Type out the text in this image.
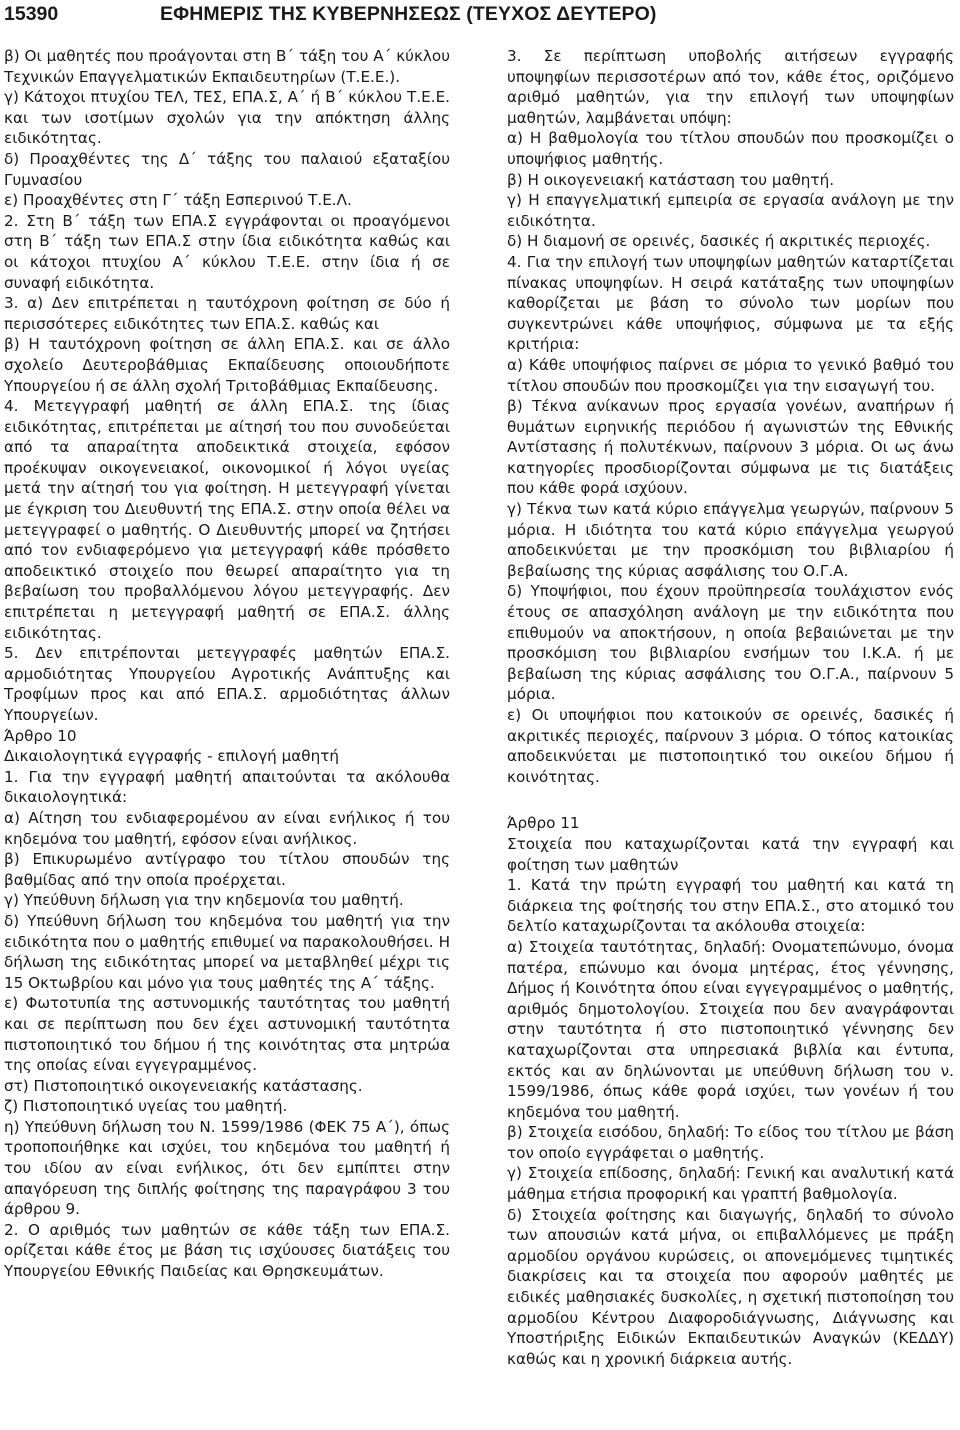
15390	ΕΦΗΜΕΡΙΣ ΤΗΣ ΚΥΒΕΡΝΗΣΕΩΣ (ΤΕΥΧΟΣ ΔΕΥΤΕΡΟ)

β) Οι μαθητές που προάγονται στη Β΄ τάξη του Α΄ κύκλου Τεχνικών Επαγγελματικών Εκπαιδευτηρίων (Τ.Ε.Ε.).

γ) Κάτοχοι πτυχίου ΤΕΛ, ΤΕΣ, ΕΠΑ.Σ, Α΄ ή Β΄ κύκλου Τ.Ε.Ε. και των ισοτίμων σχολών για την απόκτηση άλλης ειδικότητας.

δ) Προαχθέντες της Δ΄ τάξης του παλαιού εξαταξίου Γυμνασίου

ε) Προαχθέντες στη Γ΄ τάξη Εσπερινού Τ.Ε.Λ.

2. Στη Β΄ τάξη των ΕΠΑ.Σ εγγράφονται οι προαγόμενοι στη Β΄ τάξη των ΕΠΑ.Σ στην ίδια ειδικότητα καθώς και οι κάτοχοι πτυχίου Α΄ κύκλου Τ.Ε.Ε. στην ίδια ή σε συναφή ειδικότητα.

3. α) Δεν επιτρέπεται η ταυτόχρονη φοίτηση σε δύο ή περισσότερες ειδικότητες των ΕΠΑ.Σ. καθώς και

β) Η ταυτόχρονη φοίτηση σε άλλη ΕΠΑ.Σ. και σε άλλο σχολείο Δευτεροβάθμιας Εκπαίδευσης οποιουδήποτε Υπουργείου ή σε άλλη σχολή Τριτοβάθμιας Εκπαίδευσης.

4. Μετεγγραφή μαθητή σε άλλη ΕΠΑ.Σ. της ίδιας ειδικότητας, επιτρέπεται με αίτησή του που συνοδεύεται από τα απαραίτητα αποδεικτικά στοιχεία, εφόσον προέκυψαν οικογενειακοί, οικονομικοί ή λόγοι υγείας μετά την αίτησή του για φοίτηση. Η μετεγγραφή γίνεται με έγκριση του Διευθυντή της ΕΠΑ.Σ. στην οποία θέλει να μετεγγραφεί ο μαθητής. Ο Διευθυντής μπορεί να ζητήσει από τον ενδιαφερόμενο για μετεγγραφή κάθε πρόσθετο αποδεικτικό στοιχείο που θεωρεί απαραίτητο για τη βεβαίωση του προβαλλόμενου λόγου μετεγγραφής. Δεν επιτρέπεται η μετεγγραφή μαθητή σε ΕΠΑ.Σ. άλλης ειδικότητας.

5. Δεν επιτρέπονται μετεγγραφές μαθητών ΕΠΑ.Σ. αρμοδιότητας Υπουργείου Αγροτικής Ανάπτυξης και Τροφίμων προς και από ΕΠΑ.Σ. αρμοδιότητας άλλων Υπουργείων.

Άρθρο 10

Δικαιολογητικά εγγραφής - επιλογή μαθητή

1. Για την εγγραφή μαθητή απαιτούνται τα ακόλουθα δικαιολογητικά:

α) Αίτηση του ενδιαφερομένου αν είναι ενήλικος ή του κηδεμόνα του μαθητή, εφόσον είναι ανήλικος.

β) Επικυρωμένο αντίγραφο του τίτλου σπουδών της βαθμίδας από την οποία προέρχεται.

γ) Υπεύθυνη δήλωση για την κηδεμονία του μαθητή.

δ) Υπεύθυνη δήλωση του κηδεμόνα του μαθητή για την ειδικότητα που ο μαθητής επιθυμεί να παρακολουθήσει. Η δήλωση της ειδικότητας μπορεί να μεταβληθεί μέχρι τις 15 Οκτωβρίου και μόνο για τους μαθητές της Α΄ τάξης.

ε) Φωτοτυπία της αστυνομικής ταυτότητας του μαθητή και σε περίπτωση που δεν έχει αστυνομική ταυτότητα πιστοποιητικό του δήμου ή της κοινότητας στα μητρώα της οποίας είναι εγγεγραμμένος.

στ) Πιστοποιητικό οικογενειακής κατάστασης.

ζ) Πιστοποιητικό υγείας του μαθητή.

η) Υπεύθυνη δήλωση του Ν. 1599/1986 (ΦΕΚ 75 Α΄), όπως τροποποιήθηκε και ισχύει, του κηδεμόνα του μαθητή ή του ιδίου αν είναι ενήλικος, ότι δεν εμπίπτει στην απαγόρευση της διπλής φοίτησης της παραγράφου 3 του άρθρου 9.

2. Ο αριθμός των μαθητών σε κάθε τάξη των ΕΠΑ.Σ. ορίζεται κάθε έτος με βάση τις ισχύουσες διατάξεις του Υπουργείου Εθνικής Παιδείας και Θρησκευμάτων.

3. Σε περίπτωση υποβολής αιτήσεων εγγραφής υποψηφίων περισσοτέρων από τον, κάθε έτος, οριζόμενο αριθμό μαθητών, για την επιλογή των υποψηφίων μαθητών, λαμβάνεται υπόψη:

α) Η βαθμολογία του τίτλου σπουδών που προσκομίζει ο υποψήφιος μαθητής.

β) Η οικογενειακή κατάσταση του μαθητή.

γ) Η επαγγελματική εμπειρία σε εργασία ανάλογη με την ειδικότητα.

δ) Η διαμονή σε ορεινές, δασικές ή ακριτικές περιοχές.

4. Για την επιλογή των υποψηφίων μαθητών καταρτίζεται πίνακας υποψηφίων. Η σειρά κατάταξης των υποψηφίων καθορίζεται με βάση το σύνολο των μορίων που συγκεντρώνει κάθε υποψήφιος, σύμφωνα με τα εξής κριτήρια:

α) Κάθε υποψήφιος παίρνει σε μόρια το γενικό βαθμό του τίτλου σπουδών που προσκομίζει για την εισαγωγή του.

β) Τέκνα ανίκανων προς εργασία γονέων, αναπήρων ή θυμάτων ειρηνικής περιόδου ή αγωνιστών της Εθνικής Αντίστασης ή πολυτέκνων, παίρνουν 3 μόρια. Οι ως άνω κατηγορίες προσδιορίζονται σύμφωνα με τις διατάξεις που κάθε φορά ισχύουν.

γ) Τέκνα των κατά κύριο επάγγελμα γεωργών, παίρνουν 5 μόρια. Η ιδιότητα του κατά κύριο επάγγελμα γεωργού αποδεικνύεται με την προσκόμιση του βιβλιαρίου ή βεβαίωσης της κύριας ασφάλισης του Ο.Γ.Α.

δ) Υποψήφιοι, που έχουν προϋπηρεσία τουλάχιστον ενός έτους σε απασχόληση ανάλογη με την ειδικότητα που επιθυμούν να αποκτήσουν, η οποία βεβαιώνεται με την προσκόμιση του βιβλιαρίου ενσήμων του Ι.Κ.Α. ή με βεβαίωση της κύριας ασφάλισης του Ο.Γ.Α., παίρνουν 5 μόρια.

ε) Οι υποψήφιοι που κατοικούν σε ορεινές, δασικές ή ακριτικές περιοχές, παίρνουν 3 μόρια. Ο τόπος κατοικίας αποδεικνύεται με πιστοποιητικό του οικείου δήμου ή κοινότητας.

Άρθρο 11

Στοιχεία που καταχωρίζονται κατά την εγγραφή και φοίτηση των μαθητών

1. Κατά την πρώτη εγγραφή του μαθητή και κατά τη διάρκεια της φοίτησής του στην ΕΠΑ.Σ., στο ατομικό του δελτίο καταχωρίζονται τα ακόλουθα στοιχεία:

α) Στοιχεία ταυτότητας, δηλαδή: Ονοματεπώνυμο, όνομα πατέρα, επώνυμο και όνομα μητέρας, έτος γέννησης, Δήμος ή Κοινότητα όπου είναι εγγεγραμμένος ο μαθητής, αριθμός δημοτολογίου. Στοιχεία που δεν αναγράφονται στην ταυτότητα ή στο πιστοποιητικό γέννησης δεν καταχωρίζονται στα υπηρεσιακά βιβλία και έντυπα, εκτός και αν δηλώνονται με υπεύθυνη δήλωση του ν. 1599/1986, όπως κάθε φορά ισχύει, των γονέων ή του κηδεμόνα του μαθητή.

β) Στοιχεία εισόδου, δηλαδή: Το είδος του τίτλου με βάση τον οποίο εγγράφεται ο μαθητής.

γ) Στοιχεία επίδοσης, δηλαδή: Γενική και αναλυτική κατά μάθημα ετήσια προφορική και γραπτή βαθμολογία.

δ) Στοιχεία φοίτησης και διαγωγής, δηλαδή το σύνολο των απουσιών κατά μήνα, οι επιβαλλόμενες με πράξη αρμοδίου οργάνου κυρώσεις, οι απονεμόμενες τιμητικές διακρίσεις και τα στοιχεία που αφορούν μαθητές με ειδικές μαθησιακές δυσκολίες, η σχετική πιστοποίηση του αρμοδίου Κέντρου Διαφοροδιάγνωσης, Διάγνωσης και Υποστήριξης Ειδικών Εκπαιδευτικών Αναγκών (ΚΕΔΔΥ) καθώς και η χρονική διάρκεια αυτής.
